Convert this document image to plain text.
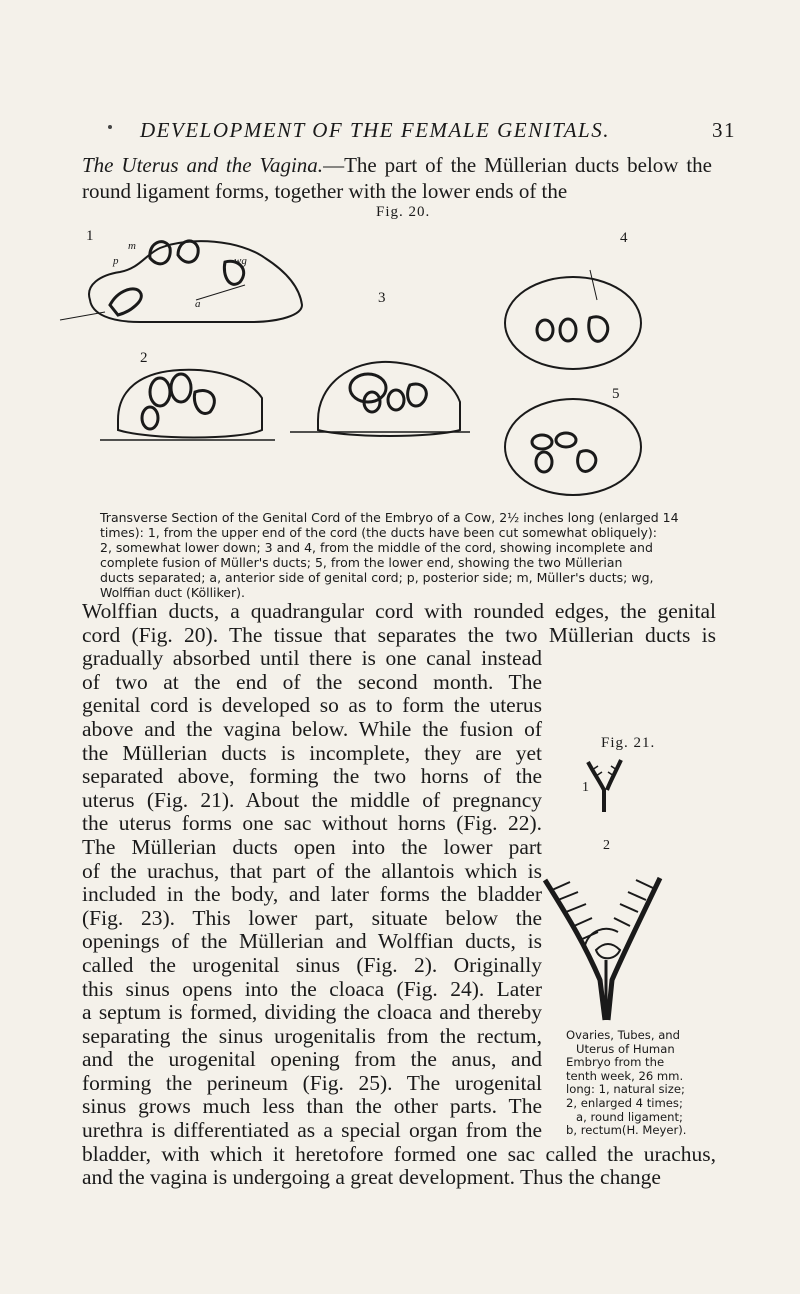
DEVELOPMENT OF THE FEMALE GENITALS.	31
The Uterus and the Vagina.—The part of the Müllerian ducts below the round ligament forms, together with the lower ends of the
Fig. 20.
1
2
3
4
5
p
m
wg
a
Transverse Section of the Genital Cord of the Embryo of a Cow, 2½ inches long (enlarged 14
times): 1, from the upper end of the cord (the ducts have been cut somewhat obliquely):
2, somewhat lower down; 3 and 4, from the middle of the cord, showing incomplete and
complete fusion of Müller's ducts; 5, from the lower end, showing the two Müllerian
ducts separated; a, anterior side of genital cord; p, posterior side; m, Müller's ducts; wg,
Wolffian duct (Kölliker).
Wolffian ducts, a quadrangular cord with rounded edges, the genital
cord (Fig. 20). The tissue that separates the two Müllerian ducts is
gradually absorbed until there is one canal instead
of two at the end of the second month. The
genital cord is developed so as to form the uterus
above and the vagina below. While the fusion of
the Müllerian ducts is incomplete, they are yet
separated above, forming the two horns of the
uterus (Fig. 21). About the middle of pregnancy
the uterus forms one sac without horns (Fig. 22).
The Müllerian ducts open into the lower part
of the urachus, that part of the allantois which is
included in the body, and later forms the bladder
(Fig. 23). This lower part, situate below the
openings of the Müllerian and Wolffian ducts, is
called the urogenital sinus (Fig. 2). Originally
this sinus opens into the cloaca (Fig. 24). Later
a septum is formed, dividing the cloaca and thereby
separating the sinus urogenitalis from the rectum,
and the urogenital opening from the anus, and
forming the perineum (Fig. 25). The urogenital
sinus grows much less than the other parts. The
urethra is differentiated as a special organ from the
bladder, with which it heretofore formed one sac called the urachus,
and the vagina is undergoing a great development. Thus the change
Fig. 21.
1
2
Ovaries, Tubes, and
Uterus of Human
Embryo from the
tenth week, 26 mm.
long: 1, natural size;
2, enlarged 4 times;
a, round ligament;
b, rectum(H. Meyer).
